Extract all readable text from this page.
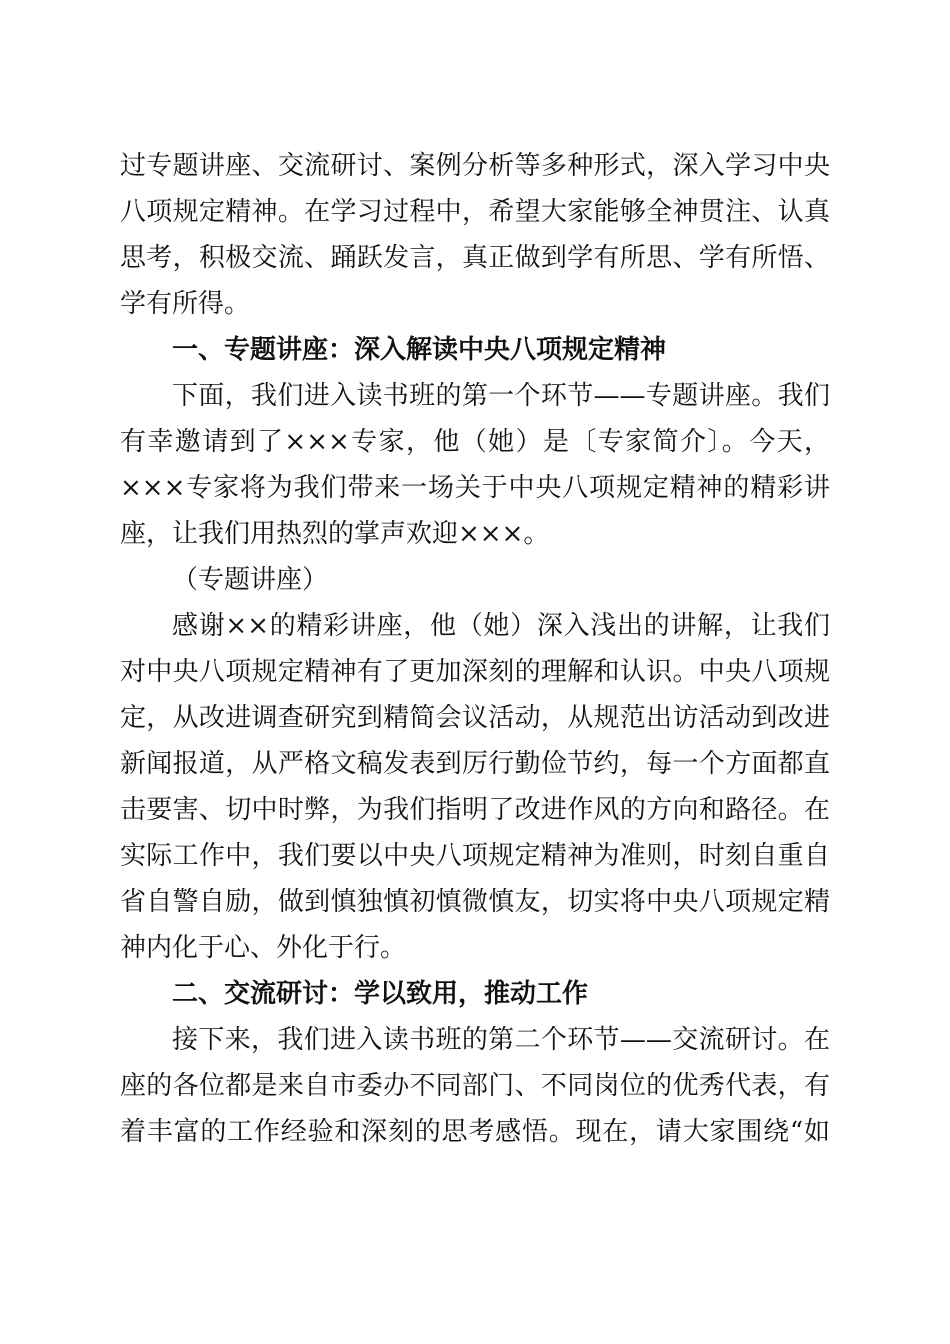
过专题讲座、交流研讨、案例分析等多种形式，深入学习中央
八项规定精神。在学习过程中，希望大家能够全神贯注、认真
思考，积极交流、踊跃发言，真正做到学有所思、学有所悟、
学有所得。
一、专题讲座：深入解读中央八项规定精神
下面，我们进入读书班的第一个环节——专题讲座。我们
有幸邀请到了×××专家，他（她）是〔专家简介〕。今天，
×××专家将为我们带来一场关于中央八项规定精神的精彩讲
座，让我们用热烈的掌声欢迎×××。
（专题讲座）
感谢××的精彩讲座，他（她）深入浅出的讲解，让我们
对中央八项规定精神有了更加深刻的理解和认识。中央八项规
定，从改进调查研究到精简会议活动，从规范出访活动到改进
新闻报道，从严格文稿发表到厉行勤俭节约，每一个方面都直
击要害、切中时弊，为我们指明了改进作风的方向和路径。在
实际工作中，我们要以中央八项规定精神为准则，时刻自重自
省自警自励，做到慎独慎初慎微慎友，切实将中央八项规定精
神内化于心、外化于行。
二、交流研讨：学以致用，推动工作
接下来，我们进入读书班的第二个环节——交流研讨。在
座的各位都是来自市委办不同部门、不同岗位的优秀代表，有
着丰富的工作经验和深刻的思考感悟。现在，请大家围绕“如
